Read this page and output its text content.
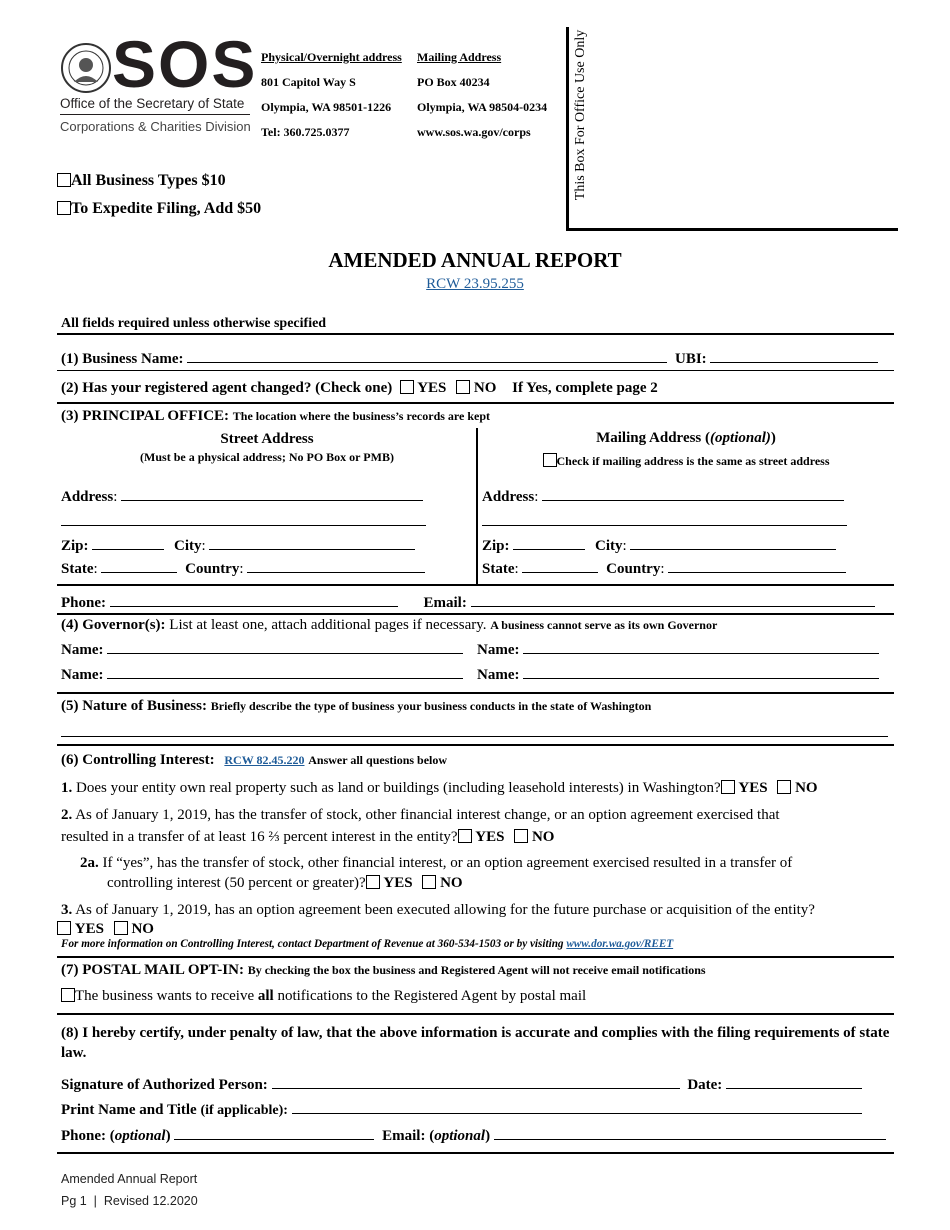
SOS
Office of the Secretary of State
Corporations & Charities Division
Physical/Overnight address
801 Capitol Way S
Olympia, WA 98501-1226
Tel: 360.725.0377
Mailing Address
PO Box 40234
Olympia, WA 98504-0234
www.sos.wa.gov/corps	This Box For Office Use Only
All Business Types $10
To Expedite Filing, Add $50
AMENDED ANNUAL REPORT
RCW 23.95.255
All fields required unless otherwise specified
(1) Business Name:	UBI:
(2) Has your registered agent changed? (Check one) YES NO If Yes, complete page 2
(3) PRINCIPAL OFFICE: The location where the business’s records are kept
Street Address
(Must be a physical address; No PO Box or PMB)
Mailing Address ((optional))
Check if mailing address is the same as street address
Address:
Zip:	City:
State:	Country:
Address:
Zip:	City:
State:	Country:
Phone:	Email:
(4) Governor(s): List at least one, attach additional pages if necessary. A business cannot serve as its own Governor
Name:	Name:
Name:	Name:
(5) Nature of Business: Briefly describe the type of business your business conducts in the state of Washington
(6) Controlling Interest: RCW 82.45.220 Answer all questions below
1. Does your entity own real property such as land or buildings (including leasehold interests) in Washington? YES NO
2. As of January 1, 2019, has the transfer of stock, other financial interest change, or an option agreement exercised that
resulted in a transfer of at least 16 ⅔ percent interest in the entity? YES NO
2a. If “yes”, has the transfer of stock, other financial interest, or an option agreement exercised resulted in a transfer of
controlling interest (50 percent or greater)? YES NO
3. As of January 1, 2019, has an option agreement been executed allowing for the future purchase or acquisition of the entity?
YES NO
For more information on Controlling Interest, contact Department of Revenue at 360-534-1503 or by visiting www.dor.wa.gov/REET
(7) POSTAL MAIL OPT-IN: By checking the box the business and Registered Agent will not receive email notifications
The business wants to receive all notifications to the Registered Agent by postal mail
(8) I hereby certify, under penalty of law, that the above information is accurate and complies with the filing requirements of state law.
Signature of Authorized Person:	Date:
Print Name and Title (if applicable):
Phone: (optional)	Email: (optional)
Amended Annual Report
Pg 1  |  Revised 12.2020
